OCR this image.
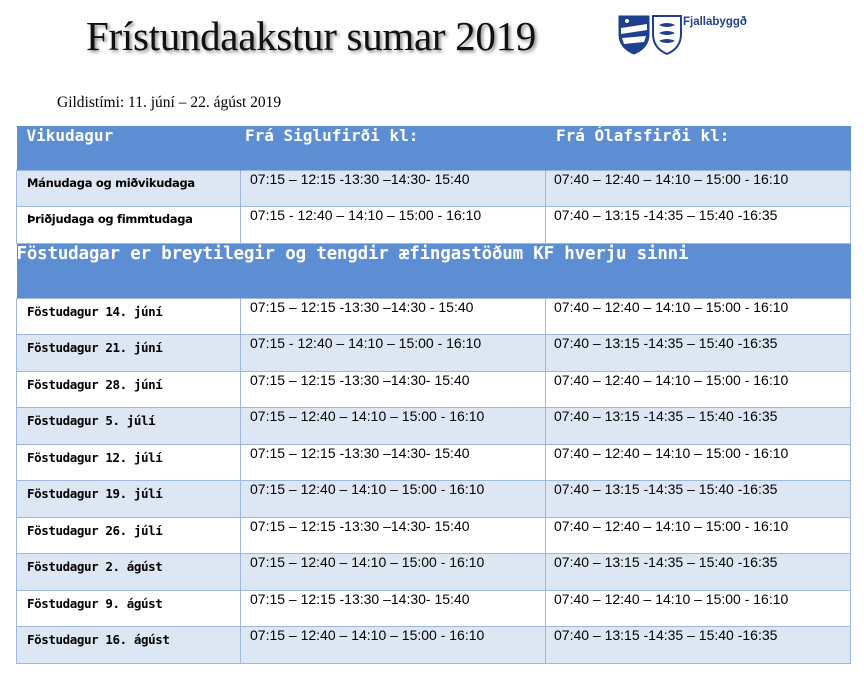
Frístundaakstur sumar 2019	Fjallabyggð
Gildistími: 11. júní – 22. ágúst 2019
Vikudagur	Frá Siglufirði kl:	Frá Ólafsfirði kl:
Mánudaga og miðvikudaga	07:15 – 12:15 -13:30 –14:30- 15:40	07:40 – 12:40 – 14:10 – 15:00 - 16:10
Þriðjudaga og fimmtudaga	07:15 - 12:40 – 14:10 – 15:00 - 16:10	07:40 – 13:15 -14:35 – 15:40 -16:35
Föstudagar er breytilegir og tengdir æfingastöðum KF hverju sinni		
Föstudagur 14. júní	07:15 – 12:15 -13:30 –14:30 - 15:40	07:40 – 12:40 – 14:10 – 15:00 - 16:10
Föstudagur 21. júní	07:15 - 12:40 – 14:10 – 15:00 - 16:10	07:40 – 13:15 -14:35 – 15:40 -16:35
Föstudagur 28. júní	07:15 – 12:15 -13:30 –14:30- 15:40	07:40 – 12:40 – 14:10 – 15:00 - 16:10
Föstudagur 5. júlí	07:15 – 12:40 – 14:10 – 15:00 - 16:10	07:40 – 13:15 -14:35 – 15:40 -16:35
Föstudagur 12. júlí	07:15 – 12:15 -13:30 –14:30- 15:40	07:40 – 12:40 – 14:10 – 15:00 - 16:10
Föstudagur 19. júlí	07:15 – 12:40 – 14:10 – 15:00 - 16:10	07:40 – 13:15 -14:35 – 15:40 -16:35
Föstudagur 26. júlí	07:15 – 12:15 -13:30 –14:30- 15:40	07:40 – 12:40 – 14:10 – 15:00 - 16:10
Föstudagur 2. ágúst	07:15 – 12:40 – 14:10 – 15:00 - 16:10	07:40 – 13:15 -14:35 – 15:40 -16:35
Föstudagur 9. ágúst	07:15 – 12:15 -13:30 –14:30- 15:40	07:40 – 12:40 – 14:10 – 15:00 - 16:10
Föstudagur 16. ágúst	07:15 – 12:40 – 14:10 – 15:00 - 16:10	07:40 – 13:15 -14:35 – 15:40 -16:35
